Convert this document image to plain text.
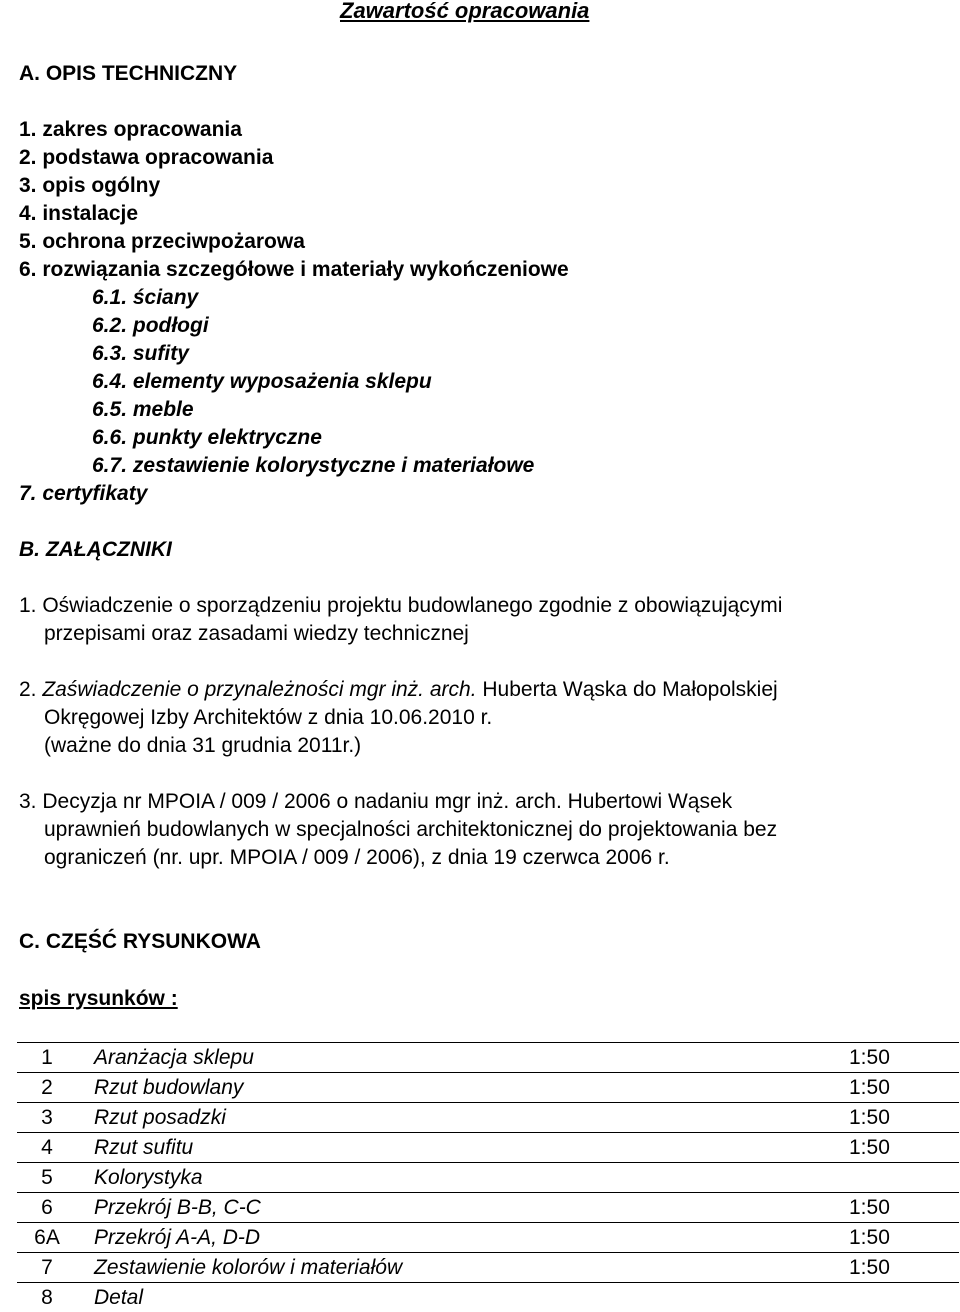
Zawartość opracowania
A. OPIS TECHNICZNY
1. zakres opracowania
2. podstawa opracowania
3. opis ogólny
4. instalacje
5. ochrona przeciwpożarowa
6. rozwiązania szczegółowe i materiały wykończeniowe
6.1. ściany
6.2. podłogi
6.3. sufity
6.4. elementy wyposażenia sklepu
6.5. meble
6.6. punkty elektryczne
6.7. zestawienie kolorystyczne i materiałowe
7. certyfikaty
B. ZAŁĄCZNIKI
1. Oświadczenie o sporządzeniu projektu budowlanego zgodnie z obowiązującymi
przepisami oraz zasadami wiedzy technicznej
2. Zaświadczenie o przynależności mgr inż. arch. Huberta Wąska do Małopolskiej
Okręgowej Izby Architektów z dnia 10.06.2010 r.
(ważne do dnia 31 grudnia 2011r.)
3. Decyzja nr MPOIA / 009 / 2006 o nadaniu mgr inż. arch. Hubertowi Wąsek
uprawnień budowlanych w specjalności architektonicznej do projektowania bez
ograniczeń (nr. upr. MPOIA / 009 / 2006), z dnia 19 czerwca 2006 r.
C. CZĘŚĆ RYSUNKOWA
spis rysunków :
1	Aranżacja sklepu	1:50
2	Rzut budowlany	1:50
3	Rzut posadzki	1:50
4	Rzut sufitu	1:50
5	Kolorystyka	
6	Przekrój B-B, C-C	1:50
6A	Przekrój A-A, D-D	1:50
7	Zestawienie kolorów i materiałów	1:50
8	Detal	
